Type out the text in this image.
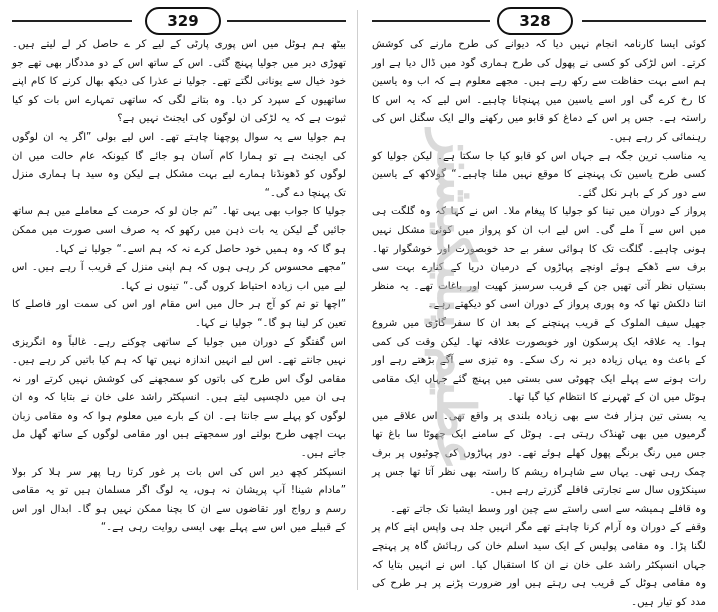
329

بیٹھ ہم ہوٹل میں اس پوری پارٹی کے لیے کر ے حاصل کر لے لیتے ہیں۔ تھوڑی دیر میں جولیا پہنچ گئی۔ اس کے ساتھ اس کے دو مددگار بھی تھے جو خود خیال سے یونانی لگتے تھے۔ جولیا نے عذرا کی دیکھ بھال کرنے کا کام اپنے ساتھیوں کے سپرد کر دیا۔ وہ بتانے لگی کہ ساتھی تمہارے اس بات کو کیا ثبوت ہے کہ یہ لڑکی ان لوگوں کی ایجنٹ نہیں ہے؟

ہم جولیا سے یہ سوال پوچھنا چاہتے تھے۔ اس لیے بولی ”اگر یہ ان لوگوں کی ایجنٹ ہے تو ہمارا کام آسان ہو جائے گا کیونکہ عام حالت میں ان لوگوں کو ڈھونڈنا ہمارے لیے بہت مشکل ہے لیکن وہ سید ہا ہماری منزل تک پہنچا دے گی۔“

جولیا کا جواب بھی یہی تھا۔ ”تم جان لو کہ حرمت کے معاملے میں ہم ساتھ جائیں گے لیکن یہ بات ذہن میں رکھو کہ یہ صرف اسی صورت میں ممکن ہو گا کہ وہ ہمیں خود حاصل کرے نہ کہ ہم اسے۔“ جولیا نے کہا۔

”مجھے محسوس کر رہی ہوں کہ ہم اپنی منزل کے قریب آ رہے ہیں۔ اس لیے میں اب زیادہ احتیاط کروں گی۔“ تینوں نے کہا۔

”اچھا تو تم کو آج ہر حال میں اس مقام اور اس کی سمت اور فاصلے کا تعین کر لینا ہو گا۔“ جولیا نے کہا۔

اس گفتگو کے دوران میں جولیا کے ساتھی چوکنے رہے۔ غالباً وہ انگریزی نہیں جانتے تھے۔ اس لیے انہیں اندازہ نہیں تھا کہ ہم کیا باتیں کر رہے ہیں۔ مقامی لوگ اس طرح کی باتوں کو سمجھنے کی کوشش نہیں کرتے اور نہ ہی ان میں دلچسپی لیتے ہیں۔ انسپکٹر راشد علی خان نے بتایا کہ وہ ان لوگوں کو پہلے سے جانتا ہے۔ ان کے بارے میں معلوم ہوا کہ وہ مقامی زبان بہت اچھی طرح بولتے اور سمجھتے ہیں اور مقامی لوگوں کے ساتھ گھل مل جاتے ہیں۔

انسپکٹر کچھ دیر اس کی اس بات پر غور کرتا رہا پھر سر ہلا کر بولا ”مادام شینا! آپ پریشان نہ ہوں، یہ لوگ اگر مسلمان ہیں تو یہ مقامی رسم و رواج اور تقاضوں سے ان کا بچنا ممکن نہیں ہو گا۔ ابدال اور اس کے قبیلے میں اس سے پہلے بھی ایسی روایت رہی ہے۔“

328

کوئی ایسا کارنامہ انجام نہیں دیا کہ دیوانے کی طرح مارنے کی کوشش کرتے۔ اس لڑکی کو کسی نے پھول کی طرح ہماری گود میں ڈال دیا ہے اور ہم اسے بہت حفاظت سے رکھ رہے ہیں۔ مجھے معلوم ہے کہ اب وہ یاسین کا رخ کرے گی اور اسے یاسین میں پہنچانا چاہیے۔ اس لیے کہ یہ اس کا راستہ ہے۔ جس پر اس کے دماغ کو قابو میں رکھنے والے ایک سگنل اس کی رہنمائی کر رہے ہیں۔

یہ مناسب ترین جگہ ہے جہاں اس کو قابو کیا جا سکتا ہے۔ لیکن جولیا کو کسی طرح یاسین تک پہنچنے کا موقع نہیں ملنا چاہیے۔“ گولاکھ کے یاسین سے دور کر کے باہر نکل گئے۔

پرواز کے دوران میں تینا کو جولیا کا پیغام ملا۔ اس نے کہا کہ وہ گلگت ہی میں اس سے آ ملے گی۔ اس لیے اب ان کو پرواز میں کوئی مشکل نہیں ہونی چاہیے۔ گلگت تک کا ہوائی سفر بے حد خوبصورت اور خوشگوار تھا۔ برف سے ڈھکے ہوئے اونچے پہاڑوں کے درمیان دریا کے کنارے بہت سی بستیاں نظر آتی تھیں جن کے قریب سرسبز کھیت اور باغات تھے۔ یہ منظر اتنا دلکش تھا کہ وہ پوری پرواز کے دوران اسی کو دیکھتے رہے۔

جھیل سیف الملوک کے قریب پہنچنے کے بعد ان کا سفر گاڑی میں شروع ہوا۔ یہ علاقہ ایک پرسکون اور خوبصورت علاقہ تھا۔ لیکن وقت کی کمی کے باعث وہ یہاں زیادہ دیر نہ رک سکے۔ وہ تیزی سے آگے بڑھتے رہے اور رات ہونے سے پہلے ایک چھوٹی سی بستی میں پہنچ گئے جہاں ایک مقامی ہوٹل میں ان کے ٹھہرنے کا انتظام کیا گیا تھا۔

یہ بستی تین ہزار فٹ سے بھی زیادہ بلندی پر واقع تھی۔ اس علاقے میں گرمیوں میں بھی ٹھنڈک رہتی ہے۔ ہوٹل کے سامنے ایک چھوٹا سا باغ تھا جس میں رنگ برنگے پھول کھلے ہوئے تھے۔ دور پہاڑوں کی چوٹیوں پر برف چمک رہی تھی۔ یہاں سے شاہراہ ریشم کا راستہ بھی نظر آتا تھا جس پر سینکڑوں سال سے تجارتی قافلے گزرتے رہے ہیں۔

وہ قافلے ہمیشہ سے اسی راستے سے چین اور وسط ایشیا تک جاتے تھے۔

وقفے کے دوران وہ آرام کرنا چاہتے تھے مگر انہیں جلد ہی واپس اپنے کام پر لگنا پڑا۔ وہ مقامی پولیس کے ایک سید اسلم خان کی رہائش گاہ پر پہنچے جہاں انسپکٹر راشد علی خان نے ان کا استقبال کیا۔ اس نے انہیں بتایا کہ وہ مقامی ہوٹل کے قریب ہی رہتے ہیں اور ضرورت پڑنے پر ہر طرح کی مدد کو تیار ہیں۔

عظیم پبلیکیشنز
